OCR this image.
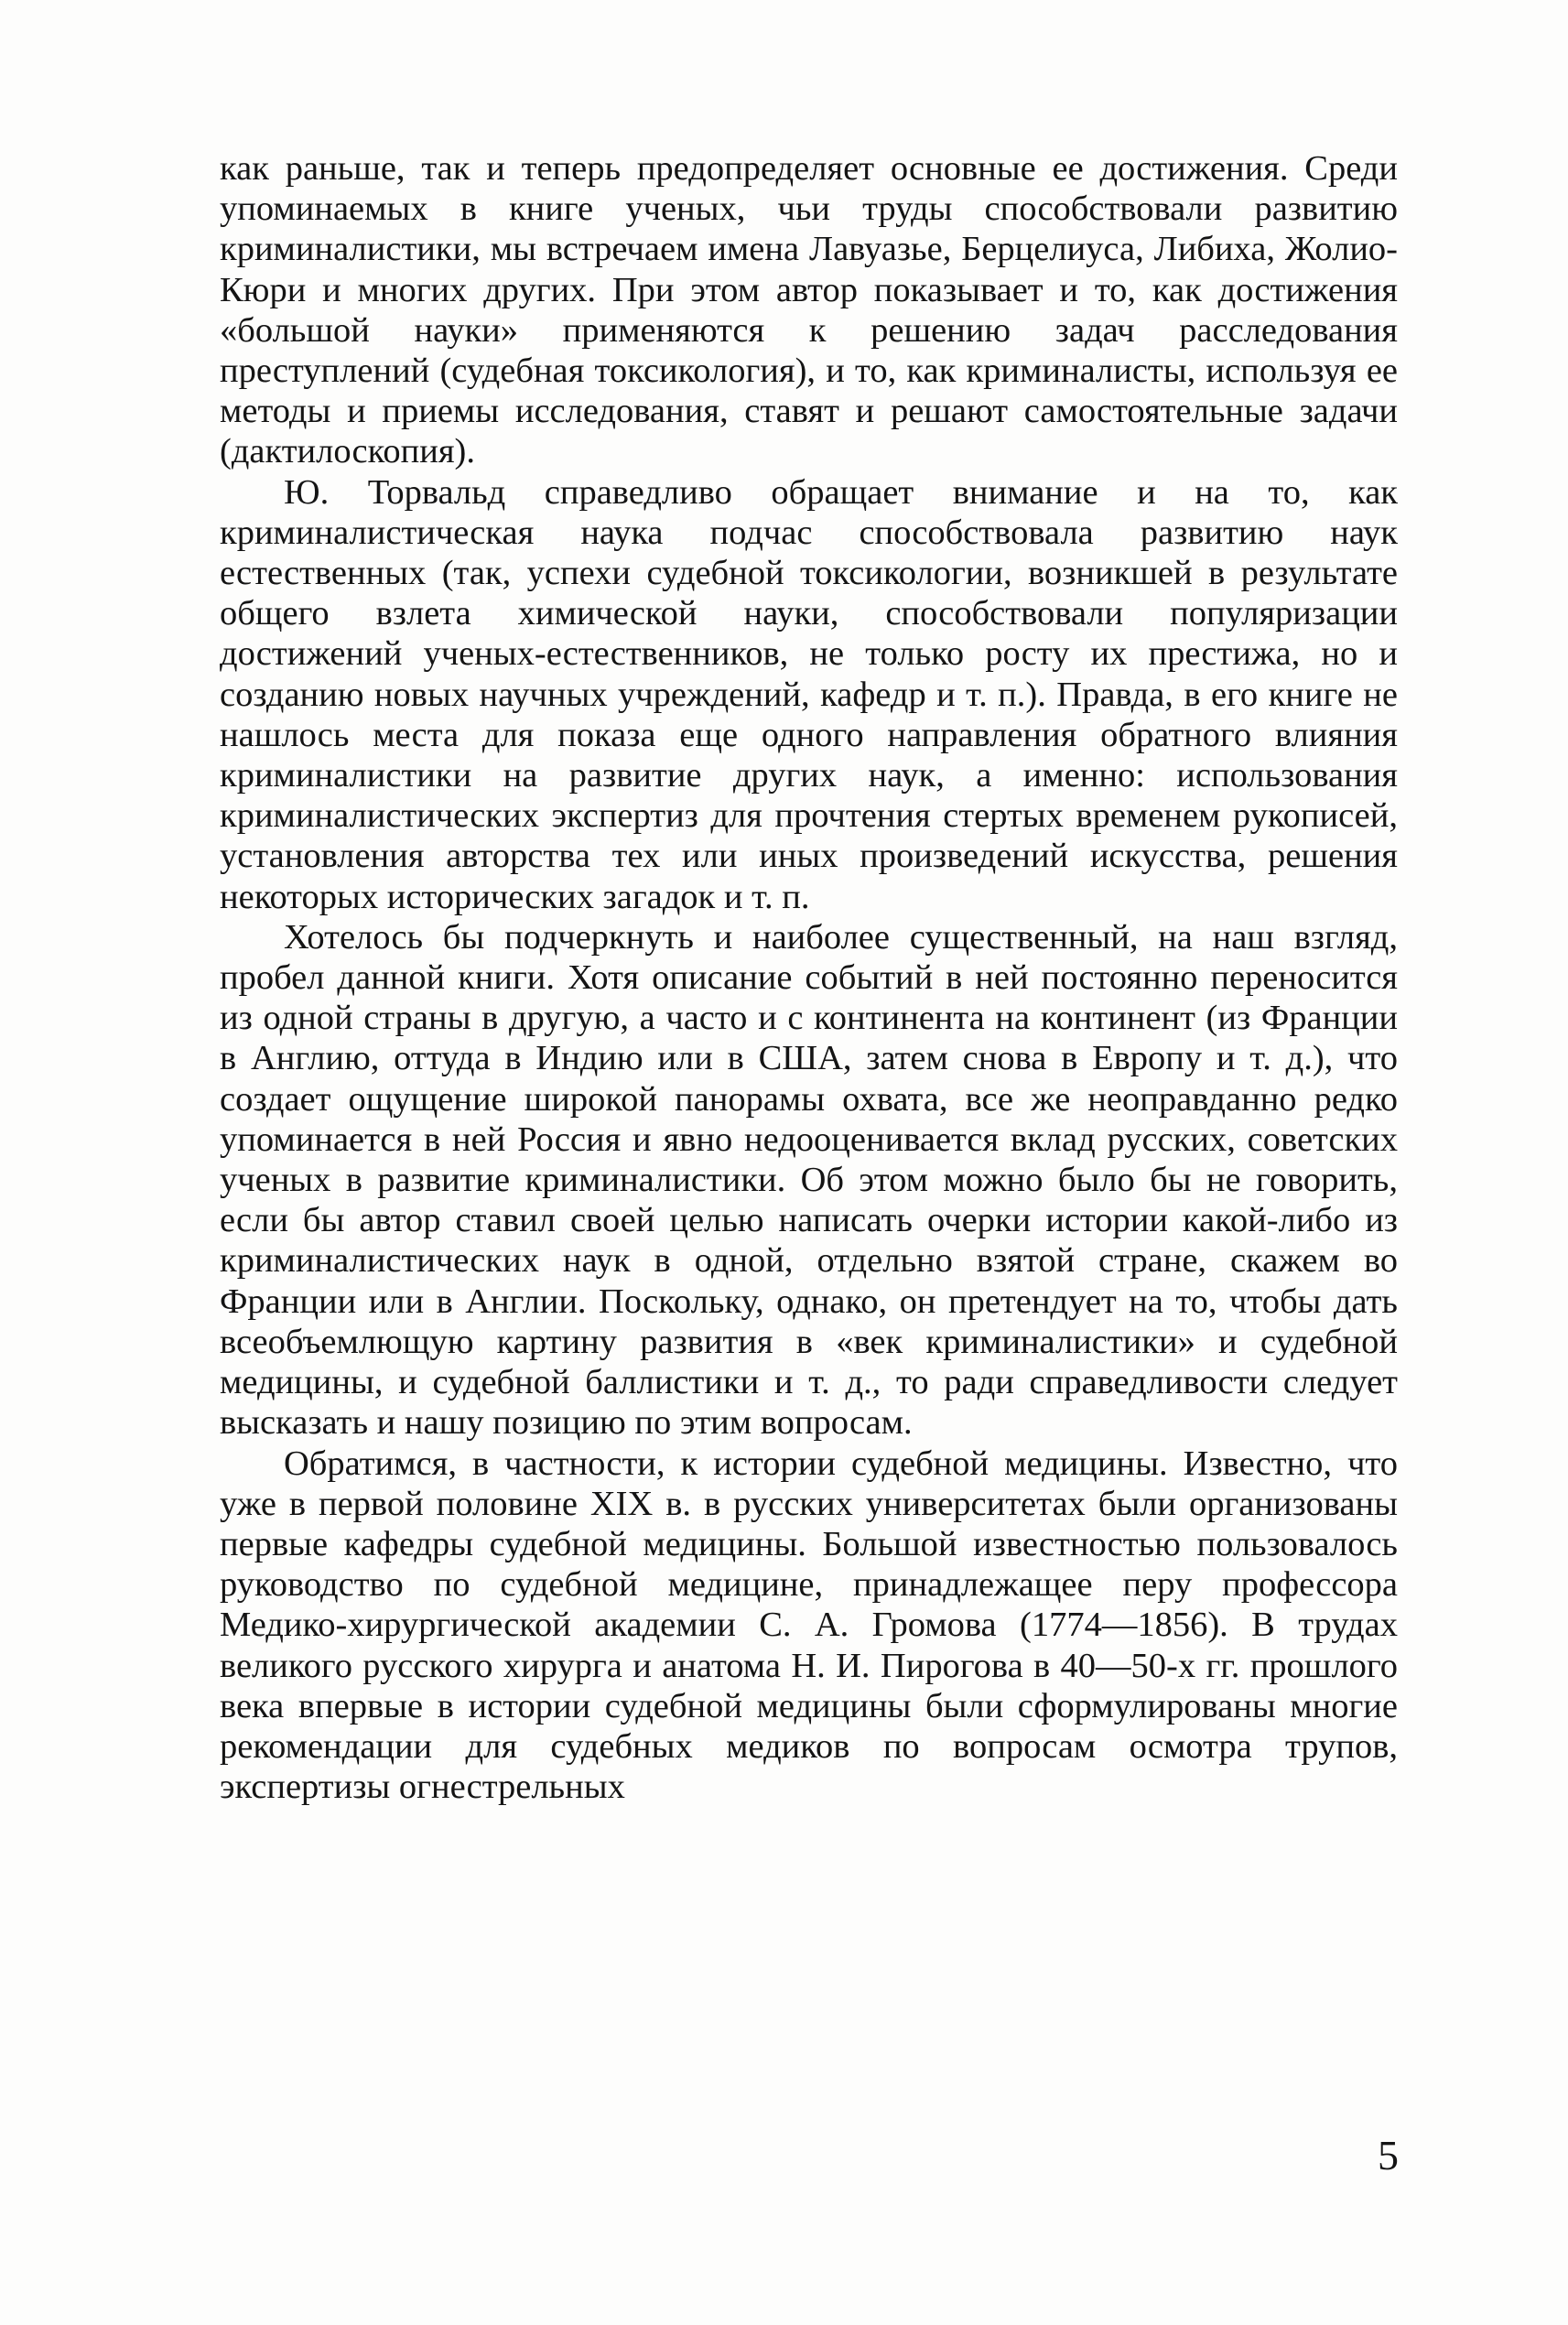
как раньше, так и теперь предопределяет основные ее достижения. Среди упоминаемых в книге ученых, чьи труды способствовали развитию криминалистики, мы встречаем имена Лавуазье, Берцелиуса, Либиха, Жолио-Кюри и многих других. При этом автор показывает и то, как достижения «большой науки» применяются к решению задач расследования преступлений (судебная токсикология), и то, как криминалисты, используя ее методы и приемы исследования, ставят и решают самостоятельные задачи (дактилоскопия).

Ю. Торвальд справедливо обращает внимание и на то, как криминалистическая наука подчас способствовала развитию наук естественных (так, успехи судебной токсикологии, возникшей в результате общего взлета химической науки, способствовали популяризации достижений ученых-естественников, не только росту их престижа, но и созданию новых научных учреждений, кафедр и т. п.). Правда, в его книге не нашлось места для показа еще одного направления обратного влияния криминалистики на развитие других наук, а именно: использования криминалистических экспертиз для прочтения стертых временем рукописей, установления авторства тех или иных произведений искусства, решения некоторых исторических загадок и т. п.

Хотелось бы подчеркнуть и наиболее существенный, на наш взгляд, пробел данной книги. Хотя описание событий в ней постоянно переносится из одной страны в другую, а часто и с континента на континент (из Франции в Англию, оттуда в Индию или в США, затем снова в Европу и т. д.), что создает ощущение широкой панорамы охвата, все же неоправданно редко упоминается в ней Россия и явно недооценивается вклад русских, советских ученых в развитие криминалистики. Об этом можно было бы не говорить, если бы автор ставил своей целью написать очерки истории какой-либо из криминалистических наук в одной, отдельно взятой стране, скажем во Франции или в Англии. Поскольку, однако, он претендует на то, чтобы дать всеобъемлющую картину развития в «век криминалистики» и судебной медицины, и судебной баллистики и т. д., то ради справедливости следует высказать и нашу позицию по этим вопросам.

Обратимся, в частности, к истории судебной медицины. Известно, что уже в первой половине XIX в. в русских университетах были организованы первые кафедры судебной медицины. Большой известностью пользовалось руководство по судебной медицине, принадлежащее перу профессора Медико-хирургической академии С. А. Громова (1774—1856). В трудах великого русского хирурга и анатома Н. И. Пирогова в 40—50-х гг. прошлого века впервые в истории судебной медицины были сформулированы многие рекомендации для судебных медиков по вопросам осмотра трупов, экспертизы огнестрельных

5
